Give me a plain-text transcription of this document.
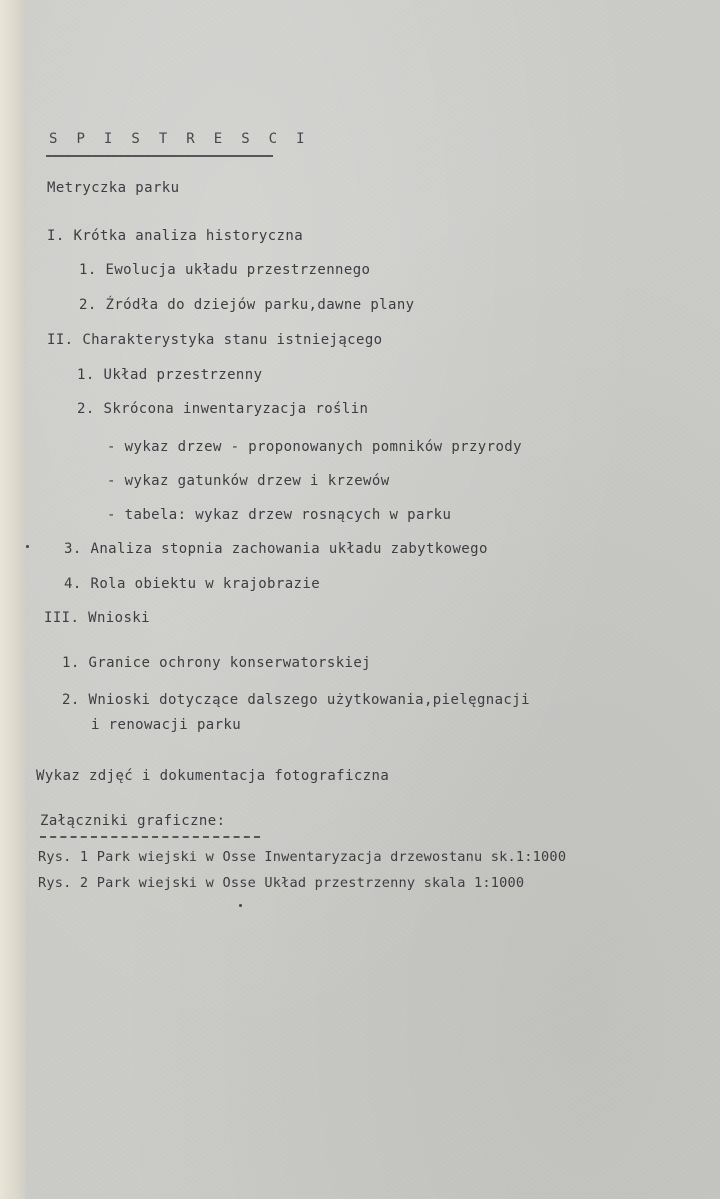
S P I S T R E S C I
Metryczka parku
I. Krótka analiza historyczna
1. Ewolucja układu przestrzennego
2. Źródła do dziejów parku,dawne plany
II. Charakterystyka stanu istniejącego
1. Układ przestrzenny
2. Skrócona inwentaryzacja roślin
- wykaz drzew - proponowanych pomników przyrody
- wykaz gatunków drzew i krzewów
- tabela: wykaz drzew rosnących w parku
3. Analiza stopnia zachowania układu zabytkowego
4. Rola obiektu w krajobrazie
III. Wnioski
1. Granice ochrony konserwatorskiej
2. Wnioski dotyczące dalszego użytkowania,pielęgnacji
i renowacji parku
Wykaz zdjęć i dokumentacja fotograficzna
Załączniki graficzne:
Rys. 1 Park wiejski w Osse Inwentaryzacja drzewostanu sk.1:1000
Rys. 2 Park wiejski w Osse Układ przestrzenny skala 1:1000
